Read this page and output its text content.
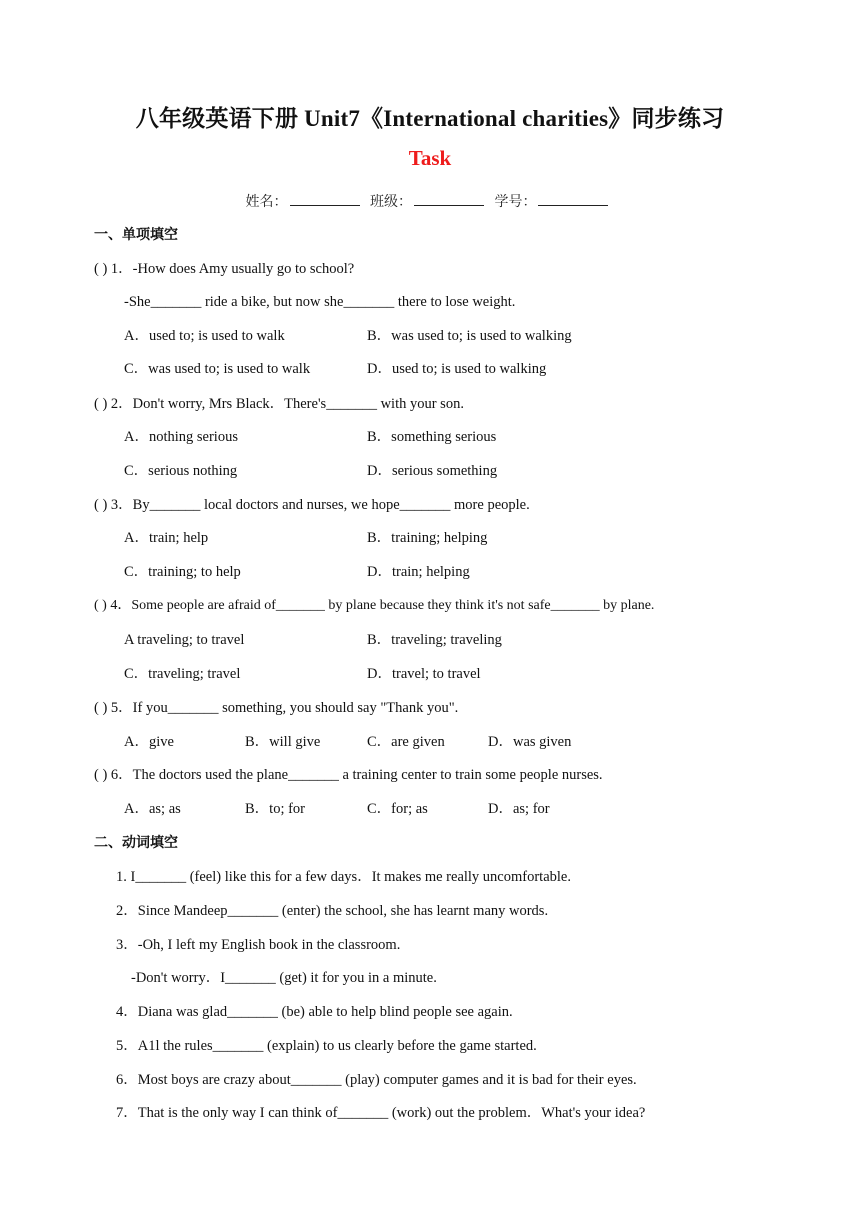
八年级英语下册 Unit7《International charities》同步练习
Task
姓名：	班级：	学号：
一、单项填空
( ) 1．-How does Amy usually go to school?
-She_______ ride a bike, but now she_______ there to lose weight.
A．used to; is used to walk	B．was used to; is used to walking
C．was used to; is used to walk	D．used to; is used to walking
( ) 2．Don't worry, Mrs Black．There's_______ with your son.
A．nothing serious	B．something serious
C．serious nothing	D．serious something
( ) 3．By_______ local doctors and nurses, we hope_______ more people.
A．train; help	B．training; helping
C．training; to help	D．train; helping
( ) 4．Some people are afraid of_______ by plane because they think it's not safe_______ by plane.
A traveling; to travel	B．traveling; traveling
C．traveling; travel	D．travel; to travel
( ) 5．If you_______ something, you should say "Thank you".
A．give	B．will give	C．are given	D．was given
( ) 6．The doctors used the plane_______ a training center to train some people nurses.
A．as; as	B．to; for	C．for; as	D．as; for
二、动词填空
1. I_______ (feel) like this for a few days．It makes me really uncomfortable.
2．Since Mandeep_______ (enter) the school, she has learnt many words.
3．-Oh, I left my English book in the classroom.
-Don't worry．I_______ (get) it for you in a minute.
4．Diana was glad_______ (be) able to help blind people see again.
5．A1l the rules_______ (explain) to us clearly before the game started.
6．Most boys are crazy about_______ (play) computer games and it is bad for their eyes.
7．That is the only way I can think of_______ (work) out the problem．What's your idea?
